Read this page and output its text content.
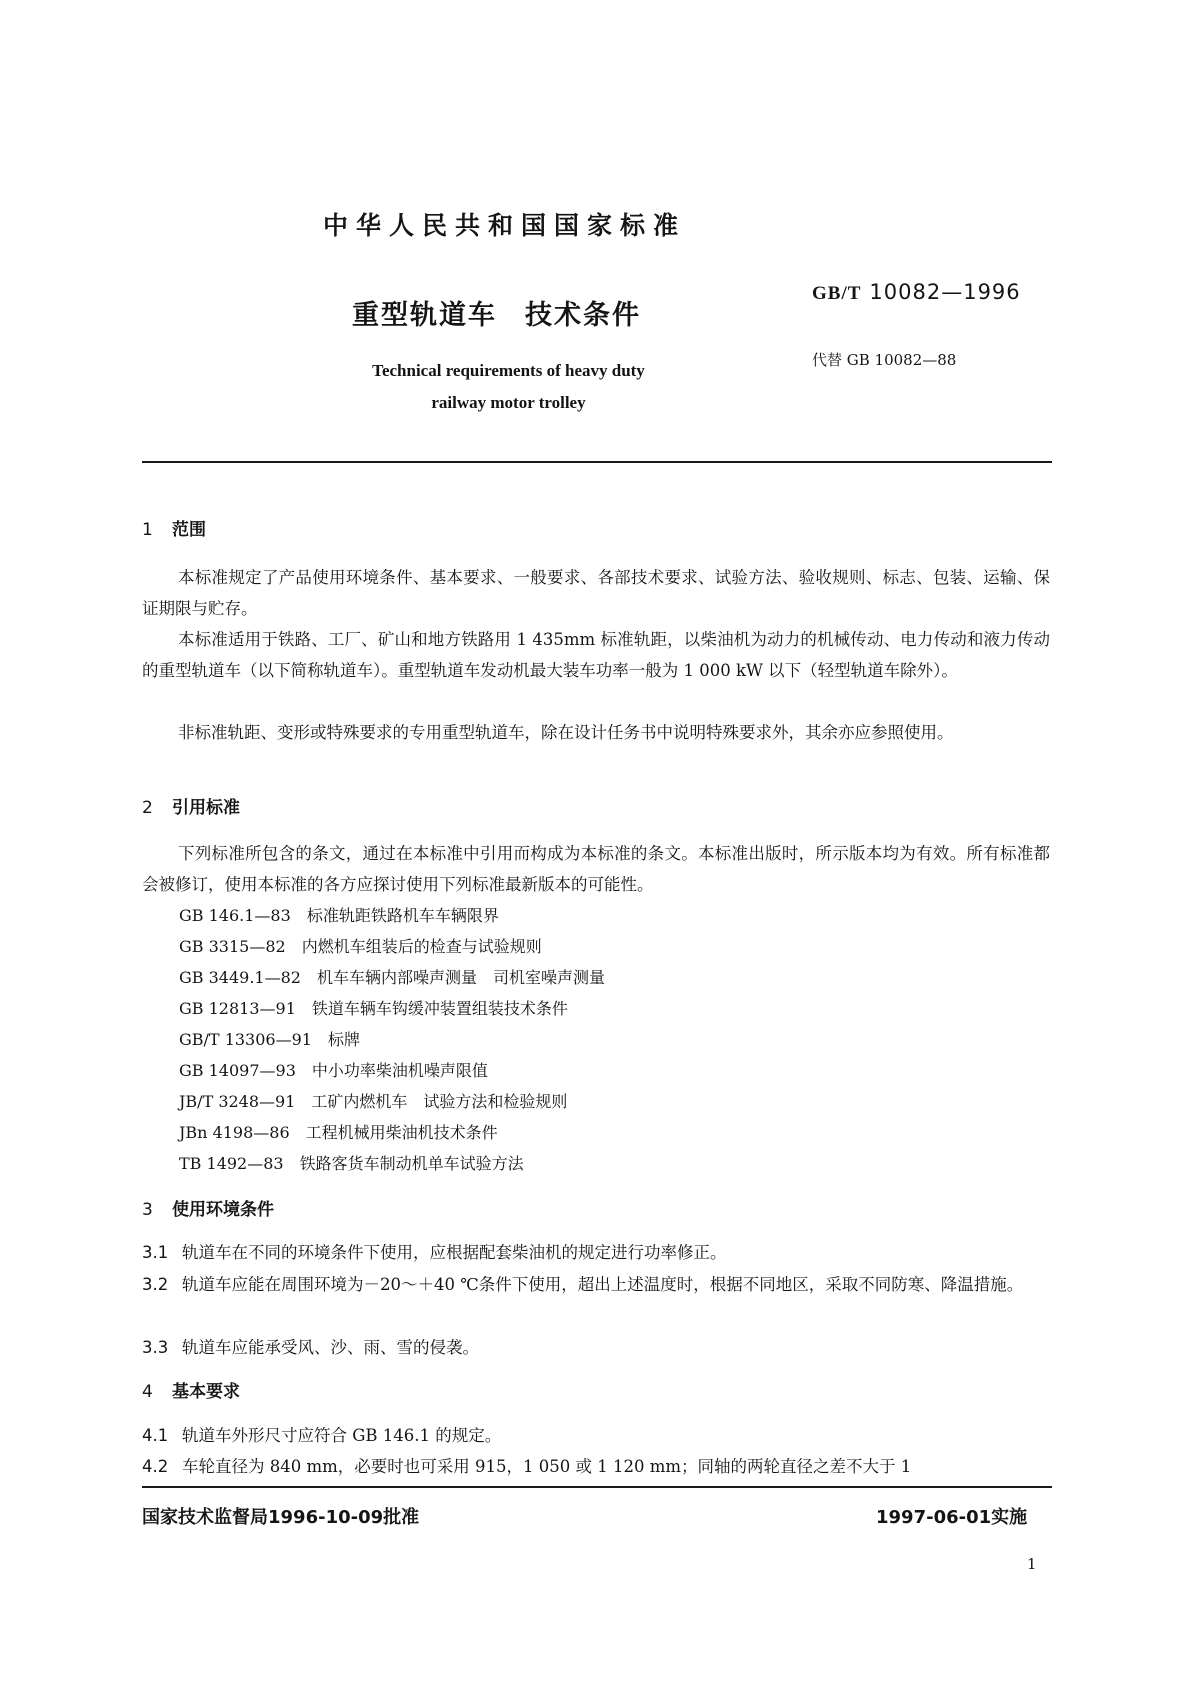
中华人民共和国国家标准
重型轨道车 技术条件
Technical requirements of heavy duty
railway motor trolley
GB/T 10082—1996
代替 GB 10082—88
1 范围
本标准规定了产品使用环境条件、基本要求、一般要求、各部技术要求、试验方法、验收规则、标志、包装、运输、保证期限与贮存。
本标准适用于铁路、工厂、矿山和地方铁路用 1 435mm 标准轨距，以柴油机为动力的机械传动、电力传动和液力传动的重型轨道车（以下简称轨道车）。重型轨道车发动机最大装车功率一般为 1 000 kW 以下（轻型轨道车除外）。
非标准轨距、变形或特殊要求的专用重型轨道车，除在设计任务书中说明特殊要求外，其余亦应参照使用。
2 引用标准
下列标准所包含的条文，通过在本标准中引用而构成为本标准的条文。本标准出版时，所示版本均为有效。所有标准都会被修订，使用本标准的各方应探讨使用下列标准最新版本的可能性。
GB 146.1—83　 标准轨距铁路机车车辆限界
GB 3315—82　 内燃机车组装后的检查与试验规则
GB 3449.1—82　 机车车辆内部噪声测量　司机室噪声测量
GB 12813—91　 铁道车辆车钩缓冲装置组装技术条件
GB/T 13306—91　 标牌
GB 14097—93　 中小功率柴油机噪声限值
JB/T 3248—91　 工矿内燃机车　试验方法和检验规则
JBn 4198—86　 工程机械用柴油机技术条件
TB 1492—83　 铁路客货车制动机单车试验方法
3 使用环境条件
3.1 轨道车在不同的环境条件下使用，应根据配套柴油机的规定进行功率修正。
3.2 轨道车应能在周围环境为－20～＋40 ℃条件下使用，超出上述温度时，根据不同地区，采取不同防寒、降温措施。
3.3 轨道车应能承受风、沙、雨、雪的侵袭。
4 基本要求
4.1 轨道车外形尺寸应符合 GB 146.1 的规定。
4.2 车轮直径为 840 mm，必要时也可采用 915，1 050 或 1 120 mm；同轴的两轮直径之差不大于 1
国家技术监督局1996-10-09批准	1997-06-01实施
1
